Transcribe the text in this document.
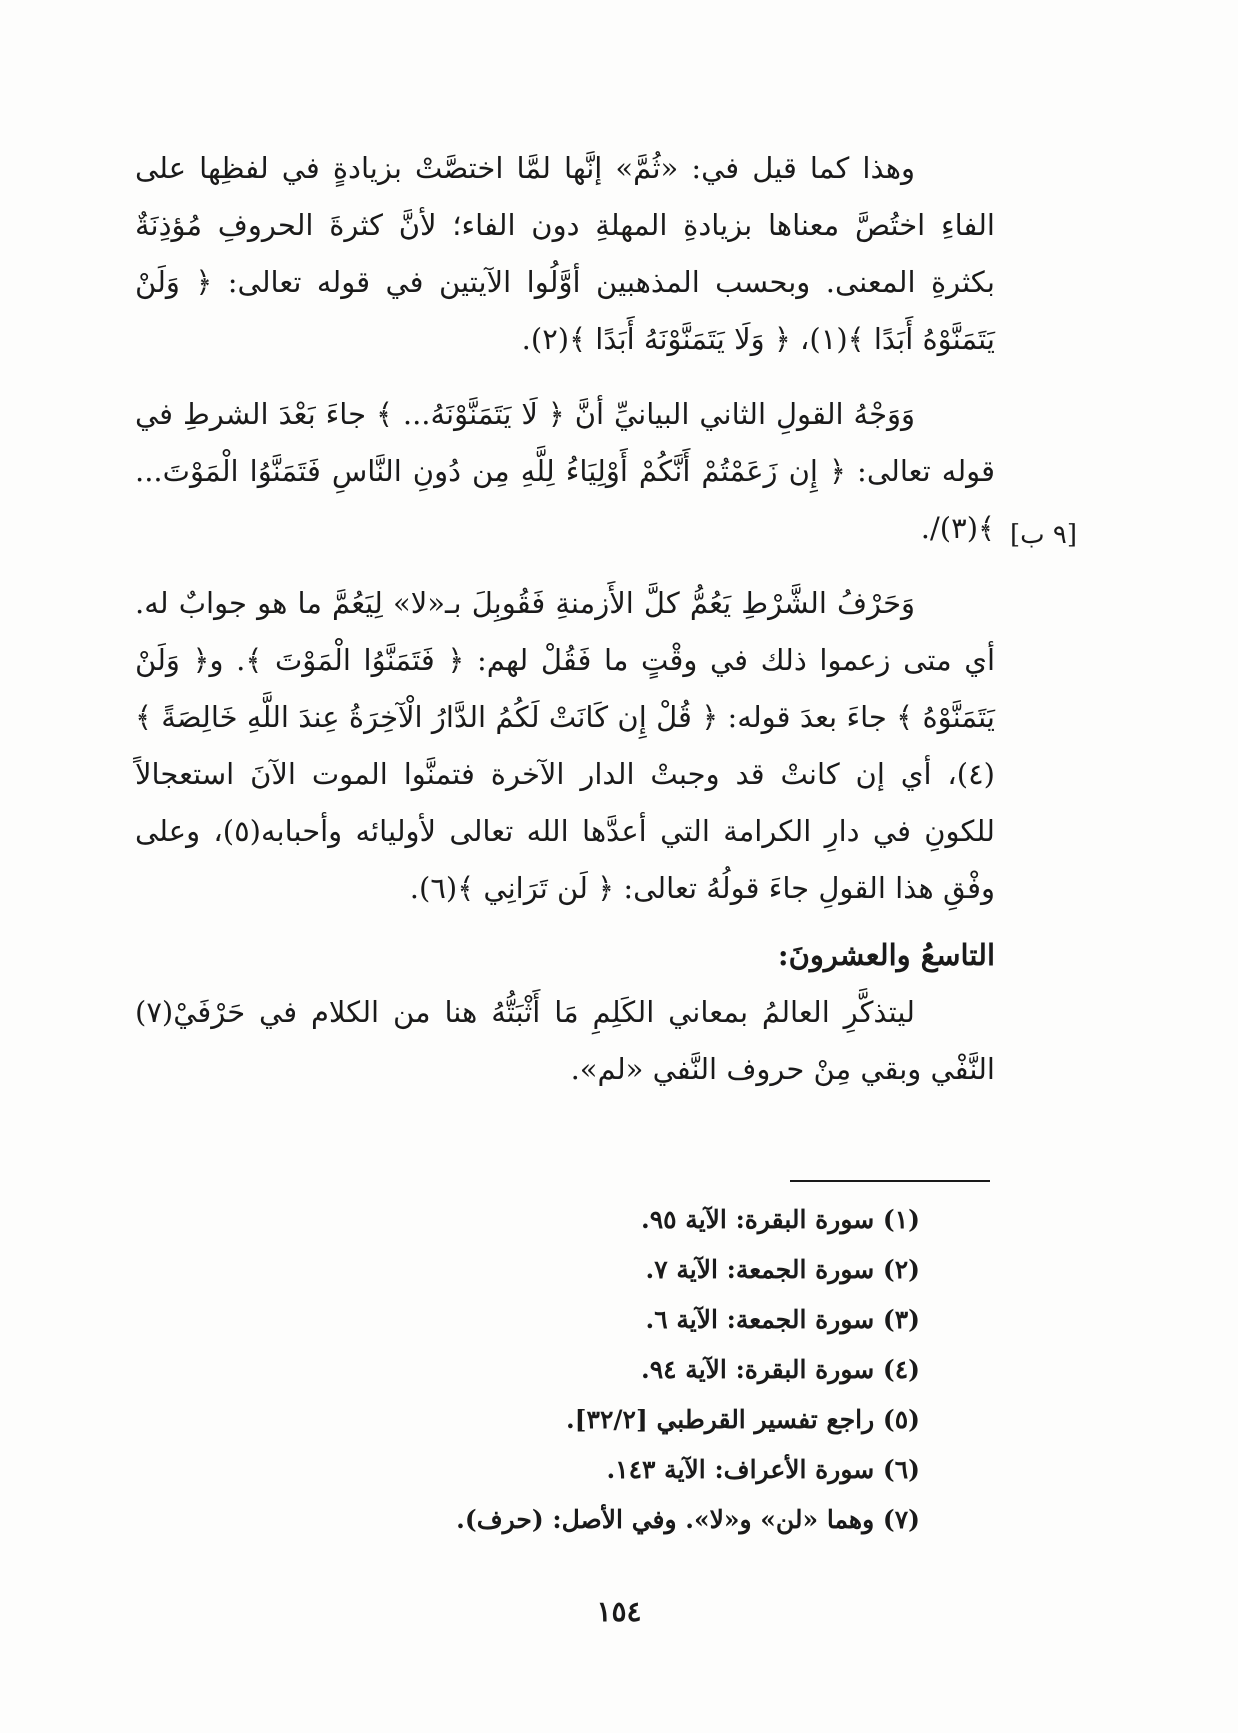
وهذا كما قيل في: «ثُمَّ» إنَّها لمَّا اختصَّتْ بزيادةٍ في لفظِها على الفاءِ اختُصَّ معناها بزيادةِ المهلةِ دون الفاء؛ لأنَّ كثرةَ الحروفِ مُؤذِنَةٌ بكثرةِ المعنى. وبحسب المذهبين أوَّلُوا الآيتين في قوله تعالى: ﴿ وَلَنْ يَتَمَنَّوْهُ أَبَدًا ﴾(١)، ﴿ وَلَا يَتَمَنَّوْنَهُ أَبَدًا ﴾(٢).

وَوَجْهُ القولِ الثاني البيانيِّ أنَّ ﴿ لَا يَتَمَنَّوْنَهُ... ﴾ جاءَ بَعْدَ الشرطِ في قوله تعالى: ﴿ إِن زَعَمْتُمْ أَنَّكُمْ أَوْلِيَاءُ لِلَّهِ مِن دُونِ النَّاسِ فَتَمَنَّوُا الْمَوْتَ... ﴾(٣)/.

وَحَرْفُ الشَّرْطِ يَعُمُّ كلَّ الأَزمنةِ فَقُوبِلَ بـ«لا» لِيَعُمَّ ما هو جوابٌ له. أي متى زعموا ذلك في وقْتٍ ما فَقُلْ لهم: ﴿ فَتَمَنَّوُا الْمَوْتَ ﴾. و﴿ وَلَنْ يَتَمَنَّوْهُ ﴾ جاءَ بعدَ قوله: ﴿ قُلْ إِن كَانَتْ لَكُمُ الدَّارُ الْآخِرَةُ عِندَ اللَّهِ خَالِصَةً ﴾(٤)، أي إن كانتْ قد وجبتْ الدار الآخرة فتمنَّوا الموت الآنَ استعجالاً للكونِ في دارِ الكرامة التي أعدَّها الله تعالى لأوليائه وأحبابه(٥)، وعلى وفْقِ هذا القولِ جاءَ قولُهُ تعالى: ﴿ لَن تَرَانِي ﴾(٦).

التاسعُ والعشرونَ:

ليتذكَّرِ العالمُ بمعاني الكَلِمِ مَا أَثْبَتُّهُ هنا من الكلام في حَرْفَيْ(٧) النَّفْي وبقي مِنْ حروف النَّفي «لم».

[٩ ب]

(١) سورة البقرة: الآية ٩٥.

(٢) سورة الجمعة: الآية ٧.

(٣) سورة الجمعة: الآية ٦.

(٤) سورة البقرة: الآية ٩٤.

(٥) راجع تفسير القرطبي [٣٢/٢].

(٦) سورة الأعراف: الآية ١٤٣.

(٧) وهما «لن» و«لا». وفي الأصل: (حرف).

١٥٤
